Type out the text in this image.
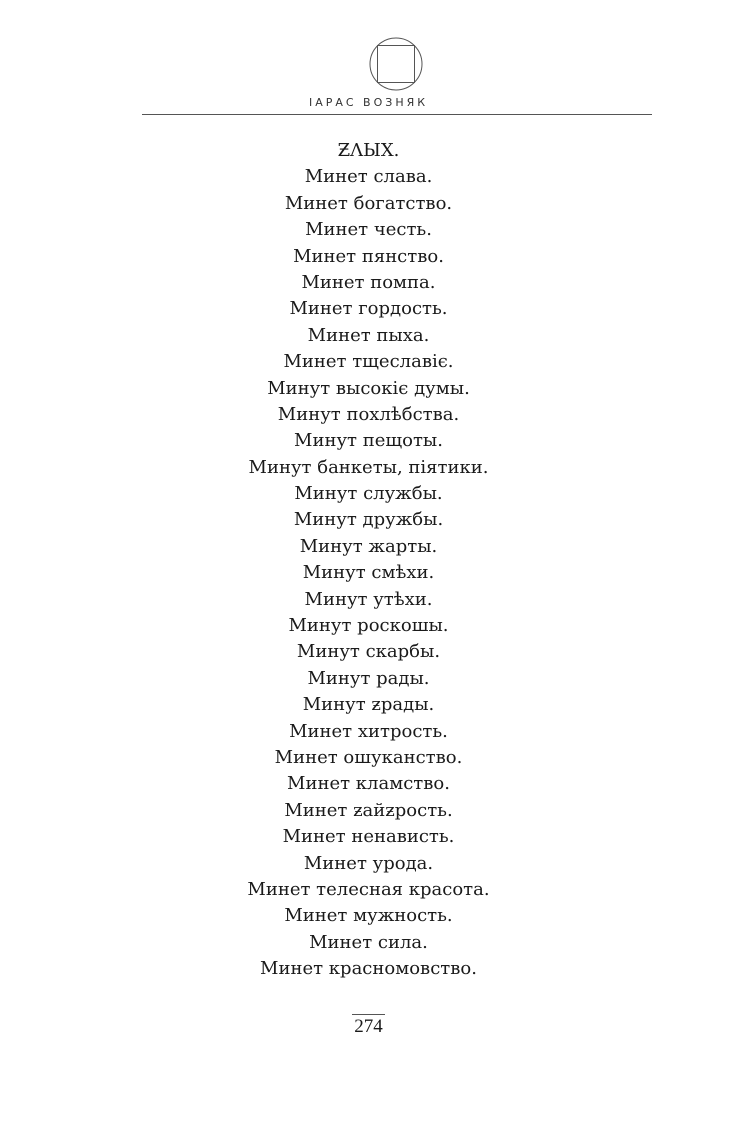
ІАРАС ВОЗНЯК
ƵΛЫХ.
Минет слава.
Минет богатство.
Минет честь.
Минет пянство.
Минет помпа.
Минет гордость.
Минет пыха.
Минет тщеславіє.
Минут высокіє думы.
Минут похлѣбства.
Минут пещоты.
Минут банкеты, піятики.
Минут службы.
Минут дружбы.
Минут жарты.
Минут смѣхи.
Минут утѣхи.
Минут роскошы.
Минут скарбы.
Минут рады.
Минут ƶрады.
Минет хитрость.
Минет ошуканство.
Минет кламство.
Минет ƶайƶрость.
Минет ненависть.
Минет урода.
Минет телесная красота.
Минет мужность.
Минет сила.
Минет красномовство.
274
